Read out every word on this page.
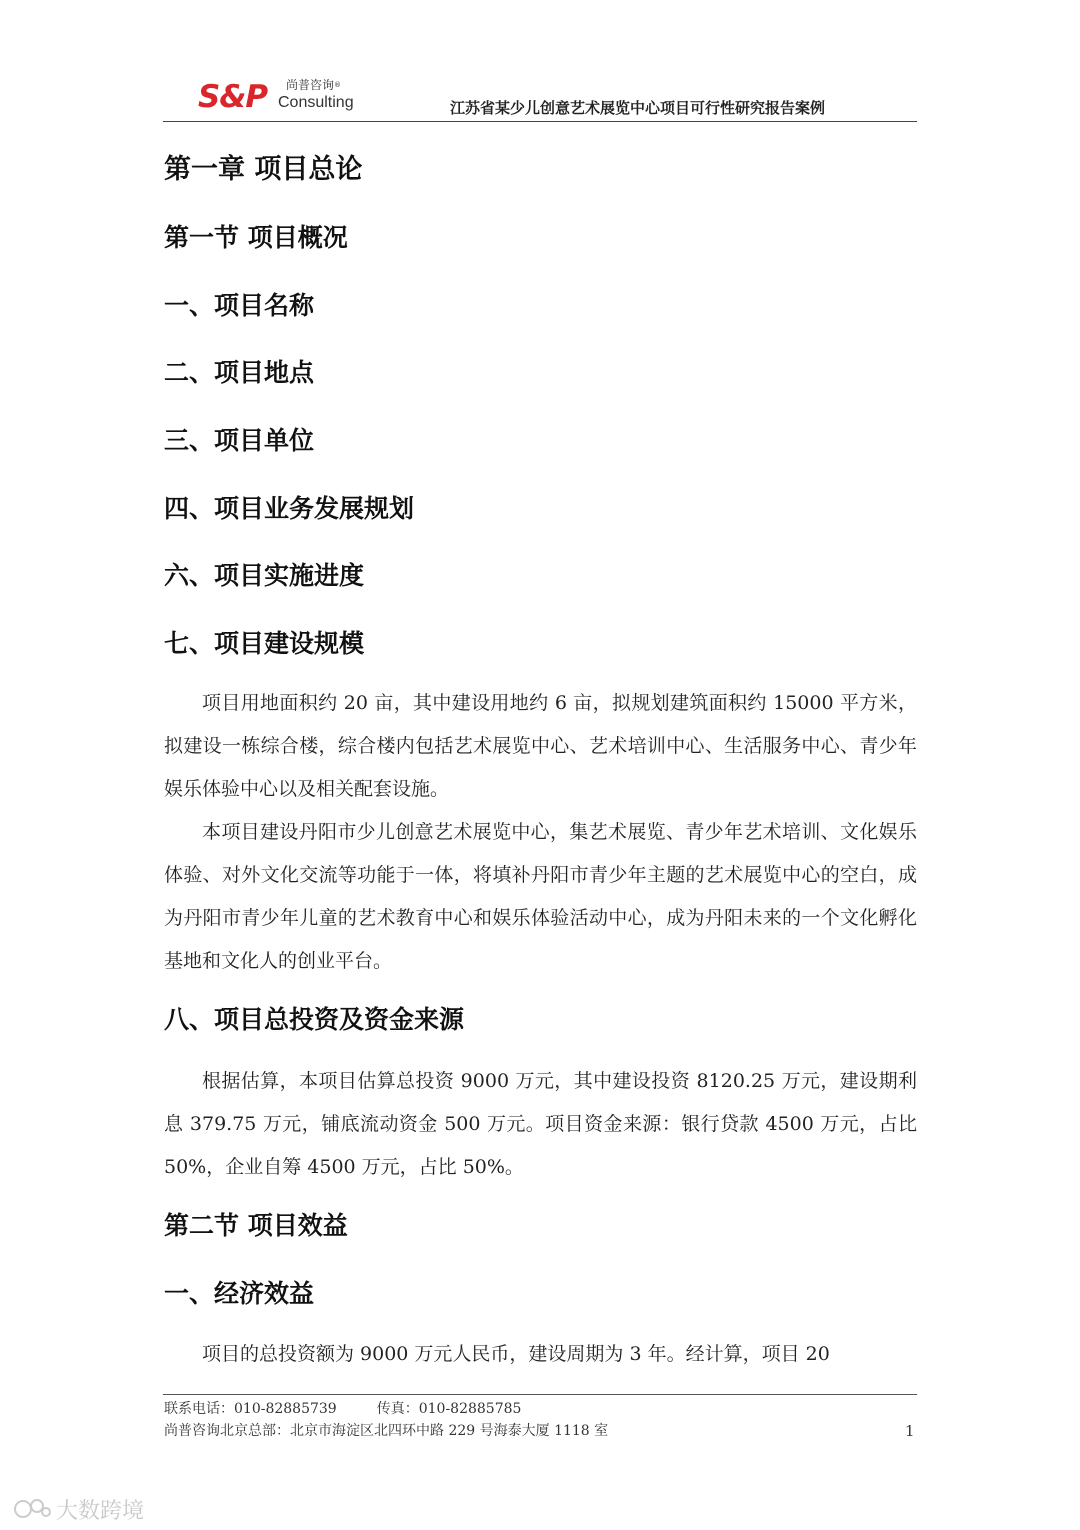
S&P 尚普咨询®
Consulting	江苏省某少儿创意艺术展览中心项目可行性研究报告案例
第一章 项目总论
第一节 项目概况
一、项目名称
二、项目地点
三、项目单位
四、项目业务发展规划
六、项目实施进度
七、项目建设规模

项目用地面积约 20 亩，其中建设用地约 6 亩，拟规划建筑面积约 15000 平方米，拟建设一栋综合楼，综合楼内包括艺术展览中心、艺术培训中心、生活服务中心、青少年娱乐体验中心以及相关配套设施。

本项目建设丹阳市少儿创意艺术展览中心，集艺术展览、青少年艺术培训、文化娱乐体验、对外文化交流等功能于一体，将填补丹阳市青少年主题的艺术展览中心的空白，成为丹阳市青少年儿童的艺术教育中心和娱乐体验活动中心，成为丹阳未来的一个文化孵化基地和文化人的创业平台。

八、项目总投资及资金来源

根据估算，本项目估算总投资 9000 万元，其中建设投资 8120.25 万元，建设期利息 379.75 万元，铺底流动资金 500 万元。项目资金来源：银行贷款 4500 万元，占比 50%，企业自筹 4500 万元，占比 50%。

第二节 项目效益
一、经济效益

项目的总投资额为 9000 万元人民币，建设周期为 3 年。经计算，项目 20

联系电话：010-82885739	传真：010-82885785
尚普咨询北京总部：北京市海淀区北四环中路 229 号海泰大厦 1118 室	1
大数跨境
